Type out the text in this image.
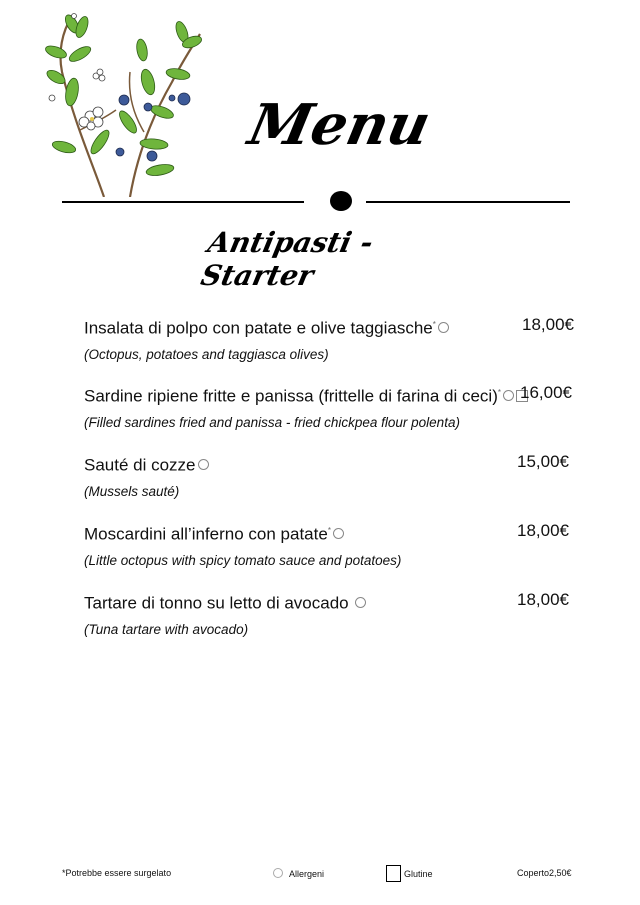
Menu
Antipasti - Starter
Insalata di polpo con patate e olive taggiasche*
(Octopus, potatoes and taggiasca olives)
18,00€
Sardine ripiene fritte e panissa (frittelle di farina di ceci)*
(Filled sardines fried and panissa - fried chickpea flour polenta)
16,00€
Sauté di cozze
(Mussels sauté)
15,00€
Moscardini all’inferno con patate*
(Little octopus with spicy tomato sauce and potatoes)
18,00€
Tartare di tonno su letto di avocado
(Tuna tartare with avocado)
18,00€
*Potrebbe essere surgelato	Allergeni	Glutine	Coperto2,50€
